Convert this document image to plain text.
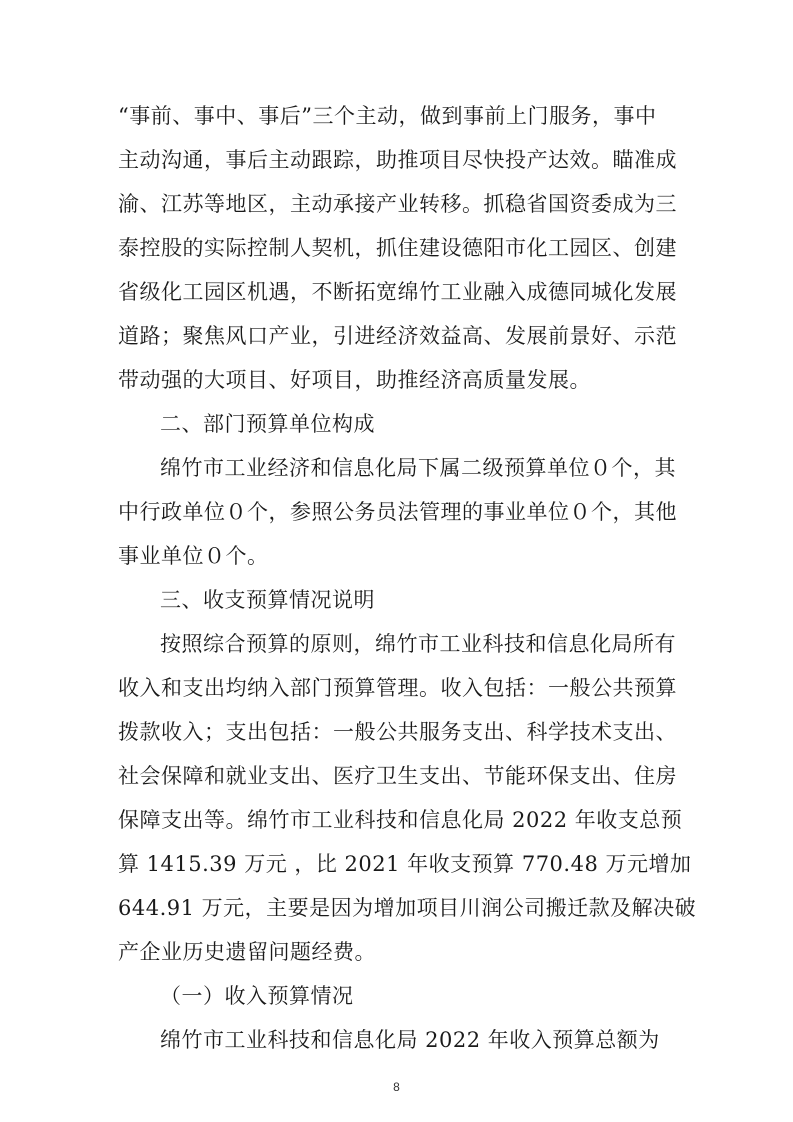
“事前、事中、事后”三个主动，做到事前上门服务，事中
主动沟通，事后主动跟踪，助推项目尽快投产达效。瞄准成
渝、江苏等地区，主动承接产业转移。抓稳省国资委成为三
泰控股的实际控制人契机，抓住建设德阳市化工园区、创建
省级化工园区机遇，不断拓宽绵竹工业融入成德同城化发展
道路；聚焦风口产业，引进经济效益高、发展前景好、示范
带动强的大项目、好项目，助推经济高质量发展。
二、部门预算单位构成
绵竹市工业经济和信息化局下属二级预算单位０个，其
中行政单位０个，参照公务员法管理的事业单位０个，其他
事业单位０个。
三、收支预算情况说明
按照综合预算的原则，绵竹市工业科技和信息化局所有
收入和支出均纳入部门预算管理。收入包括：一般公共预算
拨款收入；支出包括：一般公共服务支出、科学技术支出、
社会保障和就业支出、医疗卫生支出、节能环保支出、住房
保障支出等。绵竹市工业科技和信息化局 2022 年收支总预
算 1415.39 万元 ，比 2021 年收支预算 770.48 万元增加
644.91 万元，主要是因为增加项目川润公司搬迁款及解决破
产企业历史遗留问题经费。
（一）收入预算情况
绵竹市工业科技和信息化局 2022 年收入预算总额为
8
